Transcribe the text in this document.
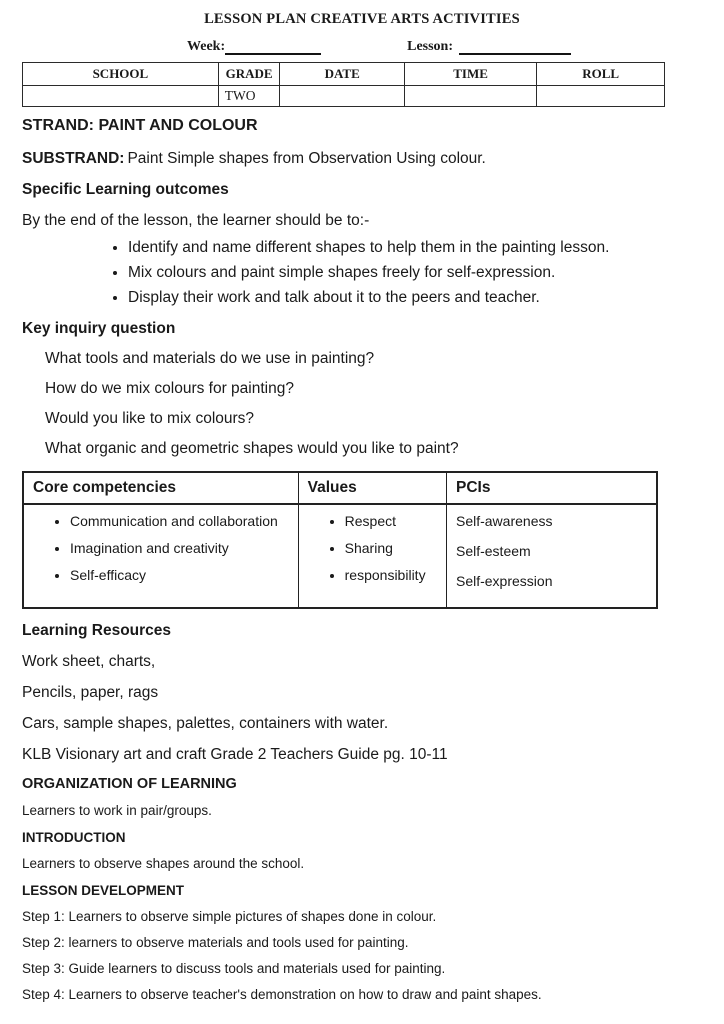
LESSON PLAN CREATIVE ARTS ACTIVITIES
Week:	Lesson:
SCHOOL	GRADE	DATE	TIME	ROLL
	TWO			
STRAND: PAINT AND COLOUR
SUBSTRAND: Paint Simple shapes from Observation Using colour.
Specific Learning outcomes
By the end of the lesson, the learner should be to:-
• Identify and name different shapes to help them in the painting lesson.
• Mix colours and paint simple shapes freely for self-expression.
• Display their work and talk about it to the peers and teacher.
Key inquiry question
What tools and materials do we use in painting?
How do we mix colours for painting?
Would you like to mix colours?
What organic and geometric shapes would you like to paint?
Core competencies	Values	PCIs

• Communication and collaboration
• Imagination and creativity
• Self-efficacy

• Respect
• Sharing
• responsibility

Self-awareness
Self-esteem
Self-expression
Learning Resources
Work sheet, charts,
Pencils, paper, rags
Cars, sample shapes, palettes, containers with water.
KLB Visionary art and craft Grade 2 Teachers Guide pg. 10-11
ORGANIZATION OF LEARNING
Learners to work in pair/groups.
INTRODUCTION
Learners to observe shapes around the school.
LESSON DEVELOPMENT
Step 1: Learners to observe simple pictures of shapes done in colour.
Step 2: learners to observe materials and tools used for painting.
Step 3: Guide learners to discuss tools and materials used for painting.
Step 4: Learners to observe teacher's demonstration on how to draw and paint shapes.
